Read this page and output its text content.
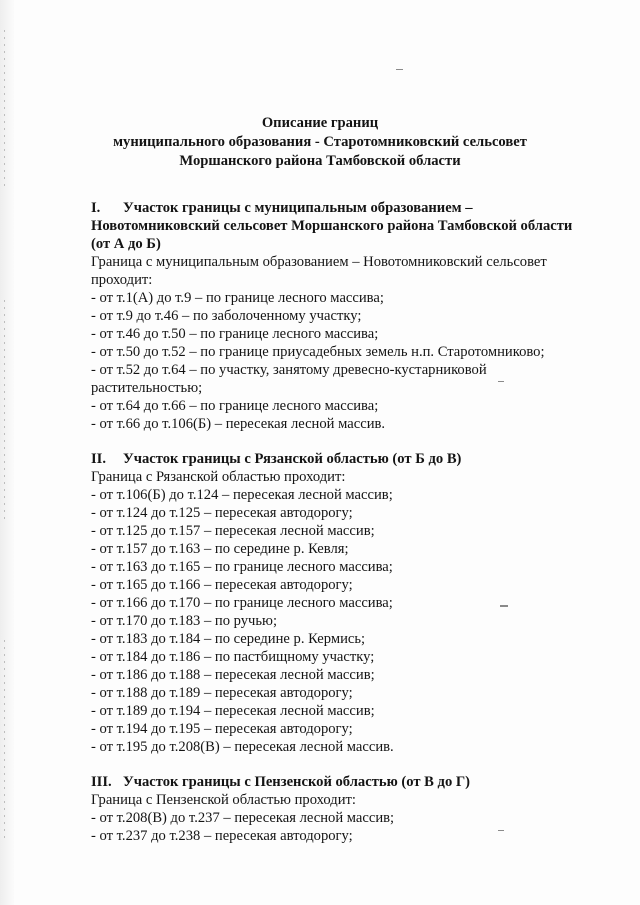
Описание границ
муниципального образования - Старотомниковский сельсовет
Моршанского района Тамбовской области

I. Участок границы с муниципальным образованием –

Новотомниковский сельсовет Моршанского района Тамбовской области

(от А до Б)

Граница с муниципальным образованием – Новотомниковский сельсовет

проходит:

- от т.1(А) до т.9 – по границе лесного массива;

- от т.9 до т.46 – по заболоченному участку;

- от т.46 до т.50 – по границе лесного массива;

- от т.50 до т.52 – по границе приусадебных земель н.п. Старотомниково;

- от т.52 до т.64 – по участку, занятому древесно-кустарниковой

растительностью;

- от т.64 до т.66 – по границе лесного массива;

- от т.66 до т.106(Б) – пересекая лесной массив.

II. Участок границы с Рязанской областью (от Б до В)

Граница с Рязанской областью проходит:

- от т.106(Б) до т.124 – пересекая лесной массив;

- от т.124 до т.125 – пересекая автодорогу;

- от т.125 до т.157 – пересекая лесной массив;

- от т.157 до т.163 – по середине р. Кевля;

- от т.163 до т.165 – по границе лесного массива;

- от т.165 до т.166 – пересекая автодорогу;

- от т.166 до т.170 – по границе лесного массива;

- от т.170 до т.183 – по ручью;

- от т.183 до т.184 – по середине р. Кермись;

- от т.184 до т.186 – по пастбищному участку;

- от т.186 до т.188 – пересекая лесной массив;

- от т.188 до т.189 – пересекая автодорогу;

- от т.189 до т.194 – пересекая лесной массив;

- от т.194 до т.195 – пересекая автодорогу;

- от т.195 до т.208(В) – пересекая лесной массив.

III. Участок границы с Пензенской областью (от В до Г)

Граница с Пензенской областью проходит:

- от т.208(В) до т.237 – пересекая лесной массив;

- от т.237 до т.238 – пересекая автодорогу;
